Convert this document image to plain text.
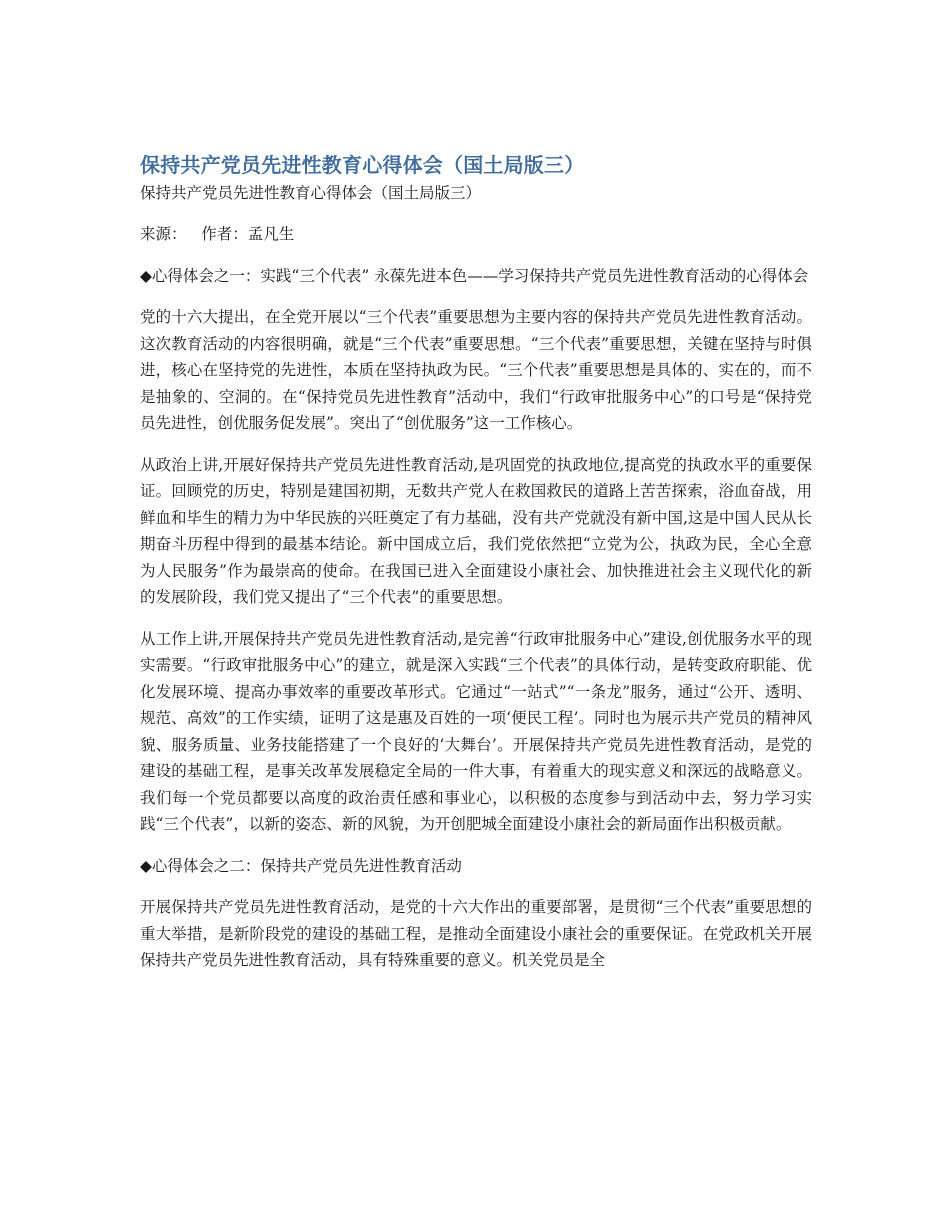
保持共产党员先进性教育心得体会（国土局版三）

保持共产党员先进性教育心得体会（国土局版三）

来源：   作者：孟凡生

◆心得体会之一：实践“三个代表” 永葆先进本色——学习保持共产党员先进性教育活动的心得体会

党的十六大提出，在全党开展以“三个代表”重要思想为主要内容的保持共产党员先进性教育活动。这次教育活动的内容很明确，就是“三个代表”重要思想。“三个代表”重要思想，关键在坚持与时俱进，核心在坚持党的先进性，本质在坚持执政为民。“三个代表”重要思想是具体的、实在的，而不是抽象的、空洞的。在“保持党员先进性教育”活动中，我们“行政审批服务中心”的口号是“保持党员先进性，创优服务促发展”。突出了“创优服务”这一工作核心。

从政治上讲,开展好保持共产党员先进性教育活动,是巩固党的执政地位,提高党的执政水平的重要保证。回顾党的历史，特别是建国初期，无数共产党人在救国救民的道路上苦苦探索，浴血奋战，用鲜血和毕生的精力为中华民族的兴旺奠定了有力基础，没有共产党就没有新中国,这是中国人民从长期奋斗历程中得到的最基本结论。新中国成立后，我们党依然把“立党为公，执政为民，全心全意为人民服务”作为最崇高的使命。在我国已进入全面建设小康社会、加快推进社会主义现代化的新的发展阶段，我们党又提出了“三个代表”的重要思想。

从工作上讲,开展保持共产党员先进性教育活动,是完善“行政审批服务中心”建设,创优服务水平的现实需要。“行政审批服务中心”的建立，就是深入实践“三个代表”的具体行动，是转变政府职能、优化发展环境、提高办事效率的重要改革形式。它通过“一站式”“一条龙”服务，通过“公开、透明、规范、高效”的工作实绩，证明了这是惠及百姓的一项‘便民工程’。同时也为展示共产党员的精神风貌、服务质量、业务技能搭建了一个良好的‘大舞台’。开展保持共产党员先进性教育活动，是党的建设的基础工程，是事关改革发展稳定全局的一件大事，有着重大的现实意义和深远的战略意义。我们每一个党员都要以高度的政治责任感和事业心，以积极的态度参与到活动中去，努力学习实践“三个代表”，以新的姿态、新的风貌，为开创肥城全面建设小康社会的新局面作出积极贡献。

◆心得体会之二：保持共产党员先进性教育活动

开展保持共产党员先进性教育活动，是党的十六大作出的重要部署，是贯彻“三个代表”重要思想的重大举措，是新阶段党的建设的基础工程，是推动全面建设小康社会的重要保证。在党政机关开展保持共产党员先进性教育活动，具有特殊重要的意义。机关党员是全
